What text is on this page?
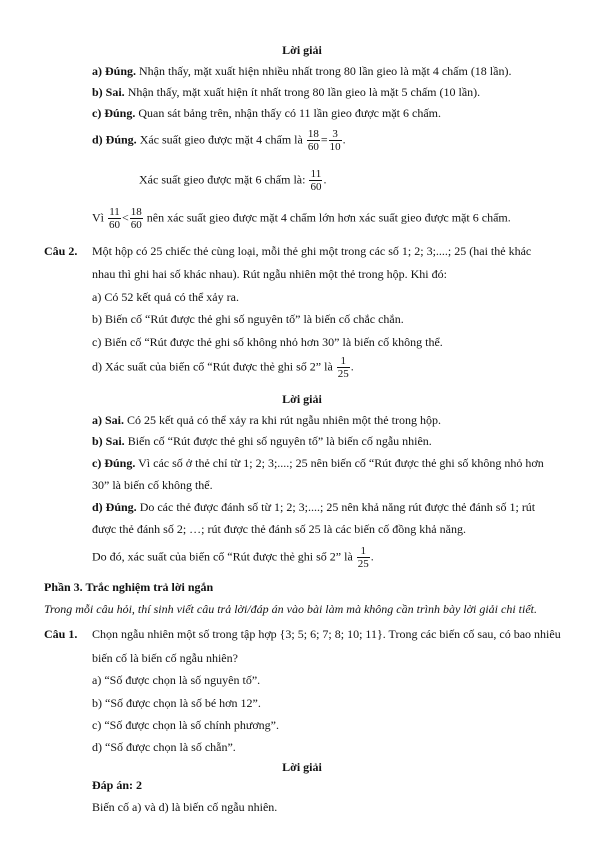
Lời giải
a) Đúng. Nhận thấy, mặt xuất hiện nhiều nhất trong 80 lần gieo là mặt 4 chấm (18 lần).
b) Sai. Nhận thấy, mặt xuất hiện ít nhất trong 80 lần gieo là mặt 5 chấm (10 lần).
c) Đúng. Quan sát bảng trên, nhận thấy có 11 lần gieo được mặt 6 chấm.
d) Đúng. Xác suất gieo được mặt 4 chấm là $\frac{18}{60} = \frac{3}{10}$ .
Xác suất gieo được mặt 6 chấm là: $\frac{11}{60}$ .
Vì $\frac{11}{60} < \frac{18}{60}$ nên xác suất gieo được mặt 4 chấm lớn hơn xác suất gieo được mặt 6 chấm.
Câu 2. Một hộp có 25 chiếc thẻ cùng loại, mỗi thẻ ghi một trong các số 1; 2; 3;....; 25 (hai thẻ khác
nhau thì ghi hai số khác nhau). Rút ngẫu nhiên một thẻ trong hộp. Khi đó:
a) Có 52 kết quả có thể xảy ra.
b) Biến cố “Rút được thẻ ghi số nguyên tố” là biến cố chắc chắn.
c) Biến cố “Rút được thẻ ghi số không nhỏ hơn 30” là biến cố không thể.
d) Xác suất của biến cố “Rút được thẻ ghi số 2” là $\frac{1}{25}$ .
Lời giải
a) Sai. Có 25 kết quả có thể xảy ra khi rút ngẫu nhiên một thẻ trong hộp.
b) Sai. Biến cố “Rút được thẻ ghi số nguyên tố” là biến cố ngẫu nhiên.
c) Đúng. Vì các số ở thẻ chỉ từ 1; 2; 3;....; 25 nên biến cố “Rút được thẻ ghi số không nhỏ hơn
30” là biến cố không thể.
d) Đúng. Do các thẻ được đánh số từ 1; 2; 3;....; 25 nên khả năng rút được thẻ đánh số 1; rút
được thẻ đánh số 2; …; rút được thẻ đánh số 25 là các biến cố đồng khả năng.
Do đó, xác suất của biến cố “Rút được thẻ ghi số 2” là $\frac{1}{25}$ .
Phần 3. Trắc nghiệm trả lời ngắn
Trong mỗi câu hỏi, thí sinh viết câu trả lời/đáp án vào bài làm mà không cần trình bày lời giải chi tiết.
Câu 1. Chọn ngẫu nhiên một số trong tập hợp {3; 5; 6; 7; 8; 10; 11}. Trong các biến cố sau, có bao nhiêu
biến cố là biến cố ngẫu nhiên?
a) “Số được chọn là số nguyên tố”.
b) “Số được chọn là số bé hơn 12”.
c) “Số được chọn là số chính phương”.
d) “Số được chọn là số chẵn”.
Lời giải
Đáp án: 2
Biến cố a) và d) là biến cố ngẫu nhiên.
